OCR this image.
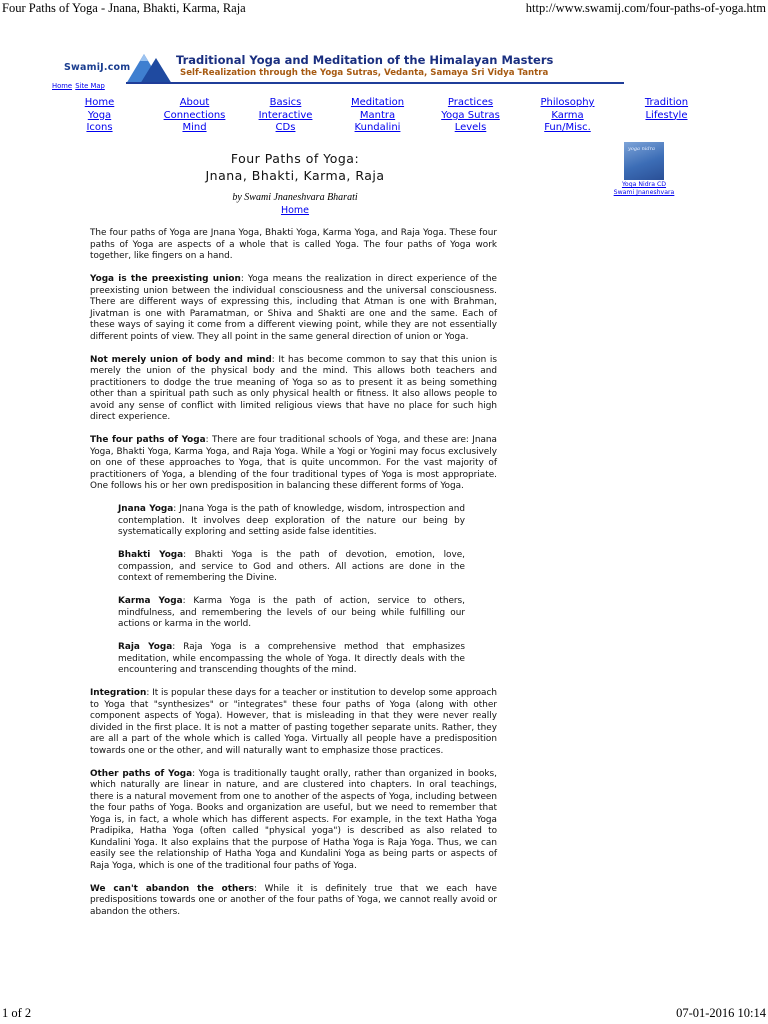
Four Paths of Yoga - Jnana, Bhakti, Karma, Raja	http://www.swamij.com/four-paths-of-yoga.htm
SwamiJ.com
Traditional Yoga and Meditation of the Himalayan Masters
Self-Realization through the Yoga Sutras, Vedanta, Samaya Sri Vidya Tantra
Home Site Map
Home
Yoga
Icons
About
Connections
Mind
Basics
Interactive
CDs
Meditation
Mantra
Kundalini
Practices
Yoga Sutras
Levels
Philosophy
Karma
Fun/Misc.
Tradition
Lifestyle
Four Paths of Yoga:
Jnana, Bhakti, Karma, Raja
by Swami Jnaneshvara Bharati
Home
yoga nidra
Yoga Nidra CD
Swami Jnaneshvara

The four paths of Yoga are Jnana Yoga, Bhakti Yoga, Karma Yoga, and Raja Yoga. These four paths of Yoga are aspects of a whole that is called Yoga. The four paths of Yoga work together, like fingers on a hand.

Yoga is the preexisting union: Yoga means the realization in direct experience of the preexisting union between the individual consciousness and the universal consciousness. There are different ways of expressing this, including that Atman is one with Brahman, Jivatman is one with Paramatman, or Shiva and Shakti are one and the same. Each of these ways of saying it come from a different viewing point, while they are not essentially different points of view. They all point in the same general direction of union or Yoga.

Not merely union of body and mind: It has become common to say that this union is merely the union of the physical body and the mind. This allows both teachers and practitioners to dodge the true meaning of Yoga so as to present it as being something other than a spiritual path such as only physical health or fitness. It also allows people to avoid any sense of conflict with limited religious views that have no place for such high direct experience.

The four paths of Yoga: There are four traditional schools of Yoga, and these are: Jnana Yoga, Bhakti Yoga, Karma Yoga, and Raja Yoga. While a Yogi or Yogini may focus exclusively on one of these approaches to Yoga, that is quite uncommon. For the vast majority of practitioners of Yoga, a blending of the four traditional types of Yoga is most appropriate. One follows his or her own predisposition in balancing these different forms of Yoga.

Jnana Yoga: Jnana Yoga is the path of knowledge, wisdom, introspection and contemplation. It involves deep exploration of the nature our being by systematically exploring and setting aside false identities.

Bhakti Yoga: Bhakti Yoga is the path of devotion, emotion, love, compassion, and service to God and others. All actions are done in the context of remembering the Divine.

Karma Yoga: Karma Yoga is the path of action, service to others, mindfulness, and remembering the levels of our being while fulfilling our actions or karma in the world.

Raja Yoga: Raja Yoga is a comprehensive method that emphasizes meditation, while encompassing the whole of Yoga. It directly deals with the encountering and transcending thoughts of the mind.

Integration: It is popular these days for a teacher or institution to develop some approach to Yoga that "synthesizes" or "integrates" these four paths of Yoga (along with other component aspects of Yoga). However, that is misleading in that they were never really divided in the first place. It is not a matter of pasting together separate units. Rather, they are all a part of the whole which is called Yoga. Virtually all people have a predisposition towards one or the other, and will naturally want to emphasize those practices.

Other paths of Yoga: Yoga is traditionally taught orally, rather than organized in books, which naturally are linear in nature, and are clustered into chapters. In oral teachings, there is a natural movement from one to another of the aspects of Yoga, including between the four paths of Yoga. Books and organization are useful, but we need to remember that Yoga is, in fact, a whole which has different aspects. For example, in the text Hatha Yoga Pradipika, Hatha Yoga (often called "physical yoga") is described as also related to Kundalini Yoga. It also explains that the purpose of Hatha Yoga is Raja Yoga. Thus, we can easily see the relationship of Hatha Yoga and Kundalini Yoga as being parts or aspects of Raja Yoga, which is one of the traditional four paths of Yoga.

We can't abandon the others: While it is definitely true that we each have predispositions towards one or another of the four paths of Yoga, we cannot really avoid or abandon the others.

1 of 2	07-01-2016 10:14
